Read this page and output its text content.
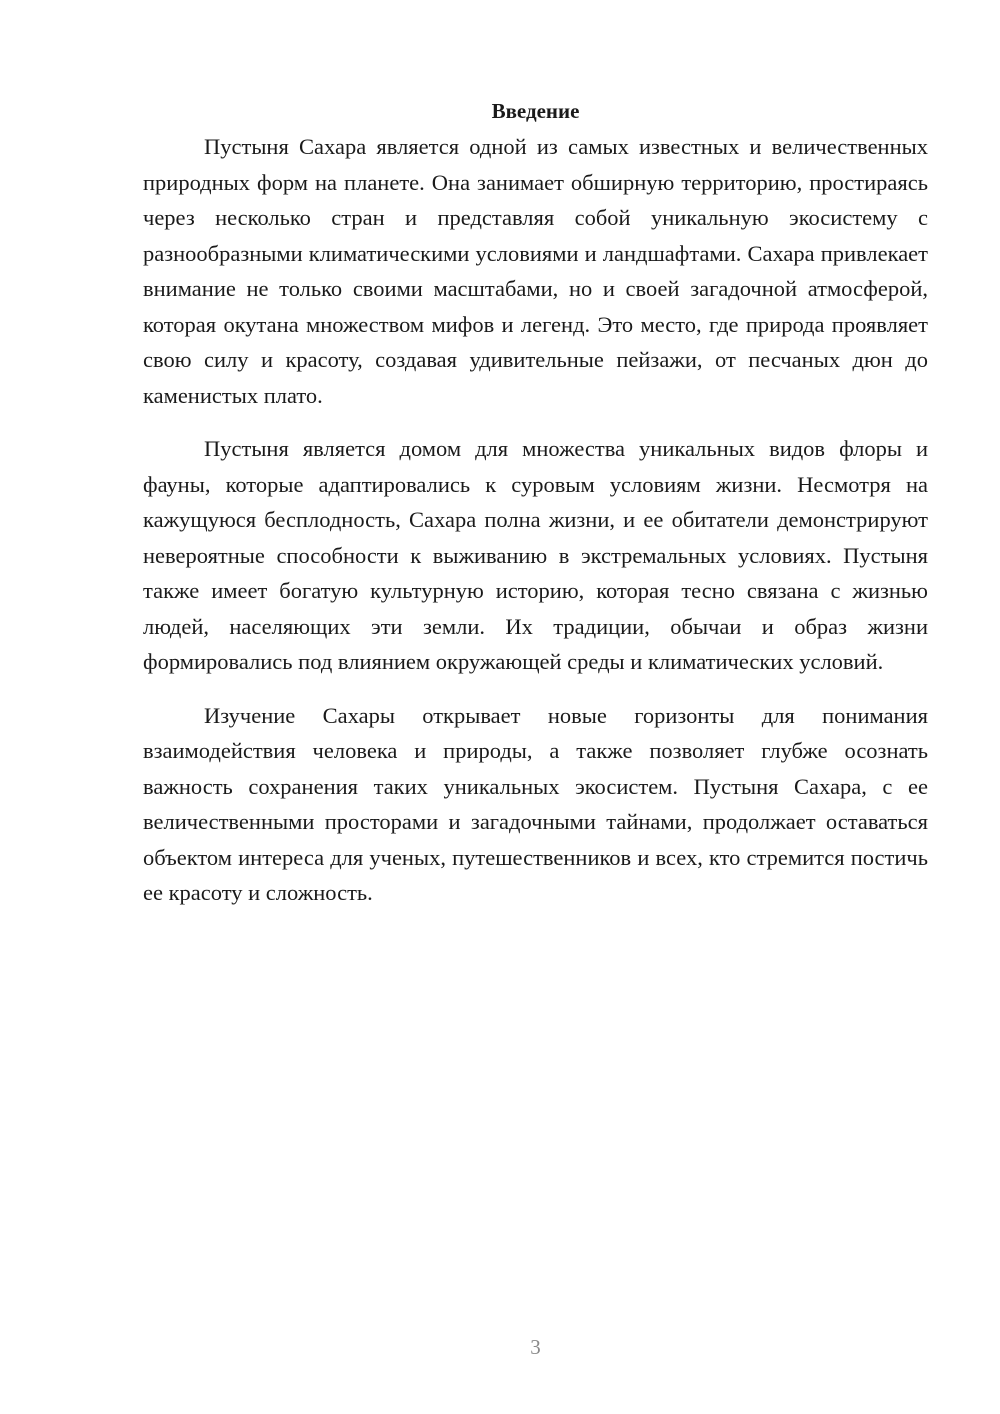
Введение

Пустыня Сахара является одной из самых известных и величественных природных форм на планете. Она занимает обширную территорию, простираясь через несколько стран и представляя собой уникальную экосистему с разнообразными климатическими условиями и ландшафтами. Сахара привлекает внимание не только своими масштабами, но и своей загадочной атмосферой, которая окутана множеством мифов и легенд. Это место, где природа проявляет свою силу и красоту, создавая удивительные пейзажи, от песчаных дюн до каменистых плато.

Пустыня является домом для множества уникальных видов флоры и фауны, которые адаптировались к суровым условиям жизни. Несмотря на кажущуюся бесплодность, Сахара полна жизни, и ее обитатели демонстрируют невероятные способности к выживанию в экстремальных условиях. Пустыня также имеет богатую культурную историю, которая тесно связана с жизнью людей, населяющих эти земли. Их традиции, обычаи и образ жизни формировались под влиянием окружающей среды и климатических условий.

Изучение Сахары открывает новые горизонты для понимания взаимодействия человека и природы, а также позволяет глубже осознать важность сохранения таких уникальных экосистем. Пустыня Сахара, с ее величественными просторами и загадочными тайнами, продолжает оставаться объектом интереса для ученых, путешественников и всех, кто стремится постичь ее красоту и сложность.

3
